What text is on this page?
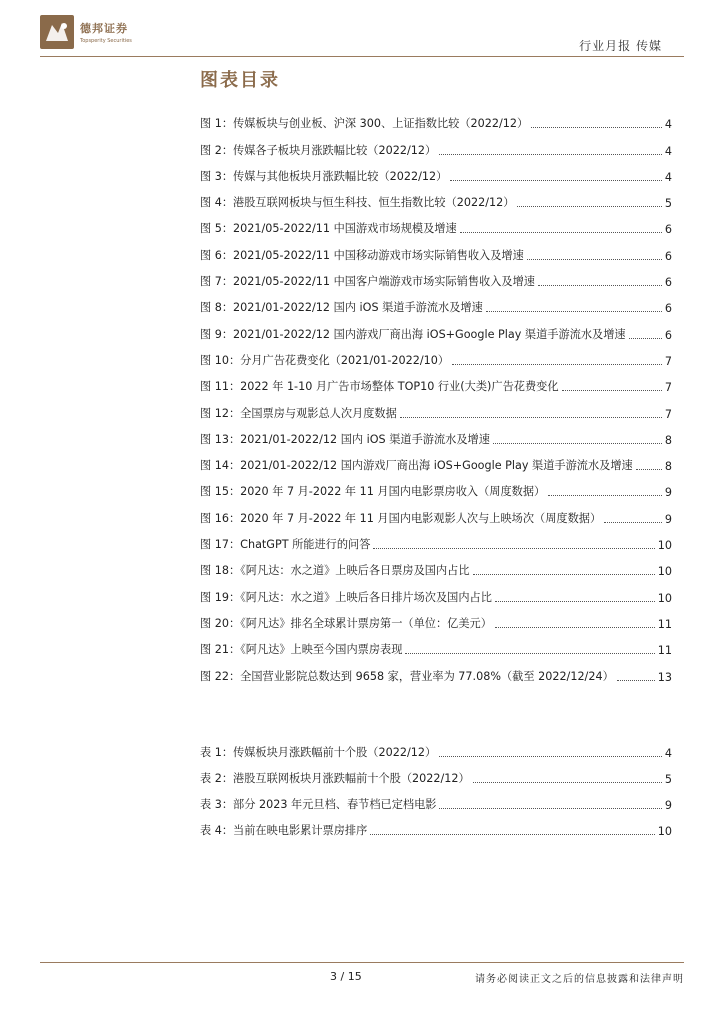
德邦证券
Topsperity Securities	行业月报 传媒
图表目录
图 1：传媒板块与创业板、沪深 300、上证指数比较（2022/12）	4
图 2：传媒各子板块月涨跌幅比较（2022/12）	4
图 3：传媒与其他板块月涨跌幅比较（2022/12）	4
图 4：港股互联网板块与恒生科技、恒生指数比较（2022/12）	5
图 5：2021/05-2022/11 中国游戏市场规模及增速	6
图 6：2021/05-2022/11 中国移动游戏市场实际销售收入及增速	6
图 7：2021/05-2022/11 中国客户端游戏市场实际销售收入及增速	6
图 8：2021/01-2022/12 国内 iOS 渠道手游流水及增速	6
图 9：2021/01-2022/12 国内游戏厂商出海 iOS+Google Play 渠道手游流水及增速	6
图 10：分月广告花费变化（2021/01-2022/10）	7
图 11：2022 年 1-10 月广告市场整体 TOP10 行业(大类)广告花费变化	7
图 12：全国票房与观影总人次月度数据	7
图 13：2021/01-2022/12 国内 iOS 渠道手游流水及增速	8
图 14：2021/01-2022/12 国内游戏厂商出海 iOS+Google Play 渠道手游流水及增速	8
图 15：2020 年 7 月-2022 年 11 月国内电影票房收入（周度数据）	9
图 16：2020 年 7 月-2022 年 11 月国内电影观影人次与上映场次（周度数据）	9
图 17：ChatGPT 所能进行的问答	10
图 18：《阿凡达：水之道》上映后各日票房及国内占比	10
图 19：《阿凡达：水之道》上映后各日排片场次及国内占比	10
图 20：《阿凡达》排名全球累计票房第一（单位：亿美元）	11
图 21：《阿凡达》上映至今国内票房表现	11
图 22：全国营业影院总数达到 9658 家，营业率为 77.08%（截至 2022/12/24）	13
表 1：传媒板块月涨跌幅前十个股（2022/12）	4
表 2：港股互联网板块月涨跌幅前十个股（2022/12）	5
表 3：部分 2023 年元旦档、春节档已定档电影	9
表 4：当前在映电影累计票房排序	10
3 / 15	请务必阅读正文之后的信息披露和法律声明
